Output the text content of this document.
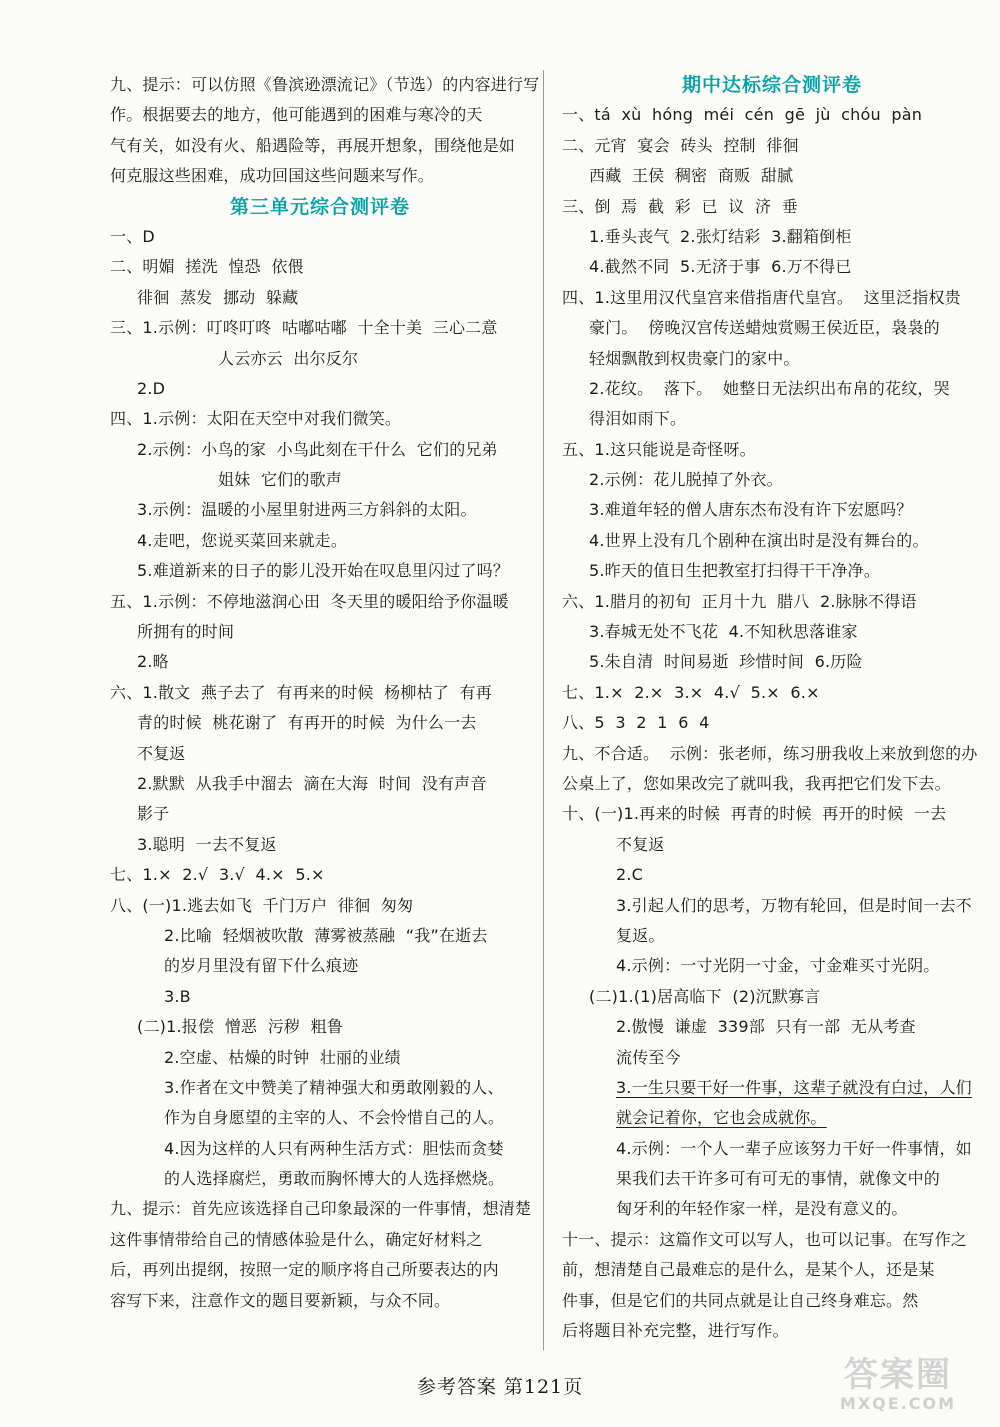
九、提示：可以仿照《鲁滨逊漂流记》（节选）的内容进行写
作。根据要去的地方，他可能遇到的困难与寒冷的天
气有关，如没有火、船遇险等，再展开想象，围绕他是如
何克服这些困难，成功回国这些问题来写作。
第三单元综合测评卷
一、D
二、明媚  搓洗  惶恐  依偎
徘徊  蒸发  挪动  躲藏
三、1.示例：叮咚叮咚  咕嘟咕嘟  十全十美  三心二意
人云亦云  出尔反尔
2.D
四、1.示例：太阳在天空中对我们微笑。
2.示例：小鸟的家  小鸟此刻在干什么  它们的兄弟
姐妹  它们的歌声
3.示例：温暖的小屋里射进两三方斜斜的太阳。
4.走吧，您说买菜回来就走。
5.难道新来的日子的影儿没开始在叹息里闪过了吗？
五、1.示例：不停地滋润心田  冬天里的暖阳给予你温暖
所拥有的时间
2.略
六、1.散文  燕子去了  有再来的时候  杨柳枯了  有再
青的时候  桃花谢了  有再开的时候  为什么一去
不复返
2.默默  从我手中溜去  滴在大海  时间  没有声音
影子
3.聪明  一去不复返
七、1.×  2.√  3.√  4.×  5.×
八、(一)1.逃去如飞  千门万户  徘徊  匆匆
2.比喻  轻烟被吹散  薄雾被蒸融  “我”在逝去
的岁月里没有留下什么痕迹
3.B
(二)1.报偿  憎恶  污秽  粗鲁
2.空虚、枯燥的时钟  壮丽的业绩
3.作者在文中赞美了精神强大和勇敢刚毅的人、
作为自身愿望的主宰的人、不会怜惜自己的人。
4.因为这样的人只有两种生活方式：胆怯而贪婪
的人选择腐烂，勇敢而胸怀博大的人选择燃烧。
九、提示：首先应该选择自己印象最深的一件事情，想清楚
这件事情带给自己的情感体验是什么，确定好材料之
后，再列出提纲，按照一定的顺序将自己所要表达的内
容写下来，注意作文的题目要新颖，与众不同。
期中达标综合测评卷
一、tá  xù  hóng  méi  cén  gē  jù  chóu  pàn
二、元宵  宴会  砖头  控制  徘徊
西藏  王侯  稠密  商贩  甜腻
三、倒  焉  截  彩  已  议  济  垂
1.垂头丧气  2.张灯结彩  3.翻箱倒柜
4.截然不同  5.无济于事  6.万不得已
四、1.这里用汉代皇宫来借指唐代皇宫。  这里泛指权贵
豪门。  傍晚汉宫传送蜡烛赏赐王侯近臣，袅袅的
轻烟飘散到权贵豪门的家中。
2.花纹。  落下。  她整日无法织出布帛的花纹，哭
得泪如雨下。
五、1.这只能说是奇怪呀。
2.示例：花儿脱掉了外衣。
3.难道年轻的僧人唐东杰布没有许下宏愿吗？
4.世界上没有几个剧种在演出时是没有舞台的。
5.昨天的值日生把教室打扫得干干净净。
六、1.腊月的初旬  正月十九  腊八  2.脉脉不得语
3.春城无处不飞花  4.不知秋思落谁家
5.朱自清  时间易逝  珍惜时间  6.历险
七、1.×  2.×  3.×  4.√  5.×  6.×
八、5  3  2  1  6  4
九、不合适。  示例：张老师，练习册我收上来放到您的办
公桌上了，您如果改完了就叫我，我再把它们发下去。
十、(一)1.再来的时候  再青的时候  再开的时候  一去
不复返
2.C
3.引起人们的思考，万物有轮回，但是时间一去不
复返。
4.示例：一寸光阴一寸金，寸金难买寸光阴。
(二)1.(1)居高临下  (2)沉默寡言
2.傲慢  谦虚  339部  只有一部  无从考查
流传至今
3.一生只要干好一件事，这辈子就没有白过，人们
就会记着你，它也会成就你。
4.示例：一个人一辈子应该努力干好一件事情，如
果我们去干许多可有可无的事情，就像文中的
匈牙利的年轻作家一样，是没有意义的。
十一、提示：这篇作文可以写人，也可以记事。在写作之
前，想清楚自己最难忘的是什么，是某个人，还是某
件事，但是它们的共同点就是让自己终身难忘。然
后将题目补充完整，进行写作。
参考答案 第121页	答案圈
MXQE.COM
